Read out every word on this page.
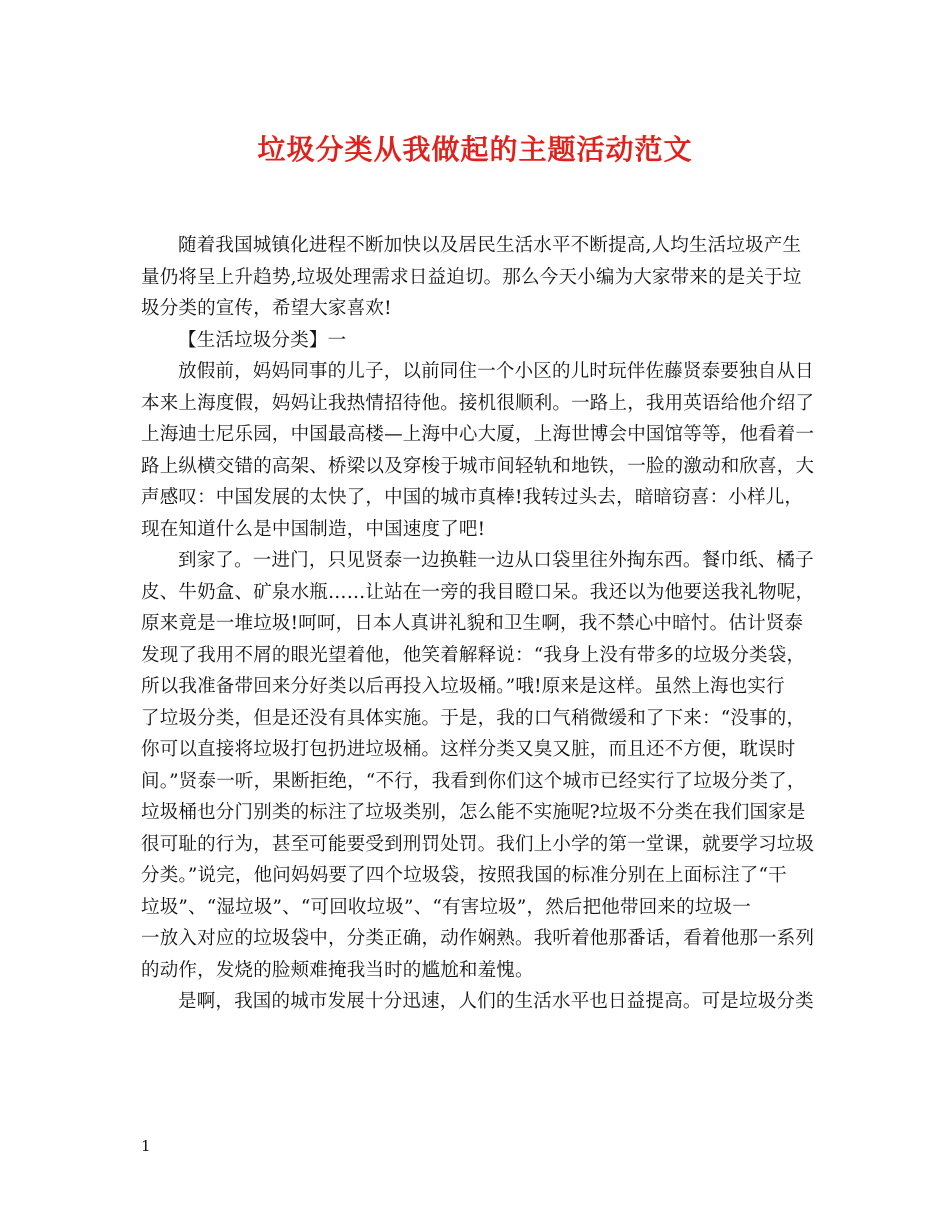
垃圾分类从我做起的主题活动范文
随着我国城镇化进程不断加快以及居民生活水平不断提高,人均生活垃圾产生
量仍将呈上升趋势,垃圾处理需求日益迫切。那么今天小编为大家带来的是关于垃
圾分类的宣传，希望大家喜欢!
【生活垃圾分类】一
放假前，妈妈同事的儿子，以前同住一个小区的儿时玩伴佐藤贤泰要独自从日
本来上海度假，妈妈让我热情招待他。接机很顺利。一路上，我用英语给他介绍了
上海迪士尼乐园，中国最高楼—上海中心大厦，上海世博会中国馆等等，他看着一
路上纵横交错的高架、桥梁以及穿梭于城市间轻轨和地铁，一脸的激动和欣喜，大
声感叹：中国发展的太快了，中国的城市真棒!我转过头去，暗暗窃喜：小样儿，
现在知道什么是中国制造，中国速度了吧!
到家了。一进门，只见贤泰一边换鞋一边从口袋里往外掏东西。餐巾纸、橘子
皮、牛奶盒、矿泉水瓶……让站在一旁的我目瞪口呆。我还以为他要送我礼物呢，
原来竟是一堆垃圾!呵呵，日本人真讲礼貌和卫生啊，我不禁心中暗忖。估计贤泰
发现了我用不屑的眼光望着他，他笑着解释说：“我身上没有带多的垃圾分类袋，
所以我准备带回来分好类以后再投入垃圾桶。”哦!原来是这样。虽然上海也实行
了垃圾分类，但是还没有具体实施。于是，我的口气稍微缓和了下来：“没事的，
你可以直接将垃圾打包扔进垃圾桶。这样分类又臭又脏，而且还不方便，耽误时
间。”贤泰一听，果断拒绝，“不行，我看到你们这个城市已经实行了垃圾分类了，
垃圾桶也分门别类的标注了垃圾类别，怎么能不实施呢?垃圾不分类在我们国家是
很可耻的行为，甚至可能要受到刑罚处罚。我们上小学的第一堂课，就要学习垃圾
分类。”说完，他问妈妈要了四个垃圾袋，按照我国的标准分别在上面标注了“干
垃圾”、“湿垃圾”、“可回收垃圾”、“有害垃圾”，然后把他带回来的垃圾一
一放入对应的垃圾袋中，分类正确，动作娴熟。我听着他那番话，看着他那一系列
的动作，发烧的脸颊难掩我当时的尴尬和羞愧。
是啊，我国的城市发展十分迅速，人们的生活水平也日益提高。可是垃圾分类
1
